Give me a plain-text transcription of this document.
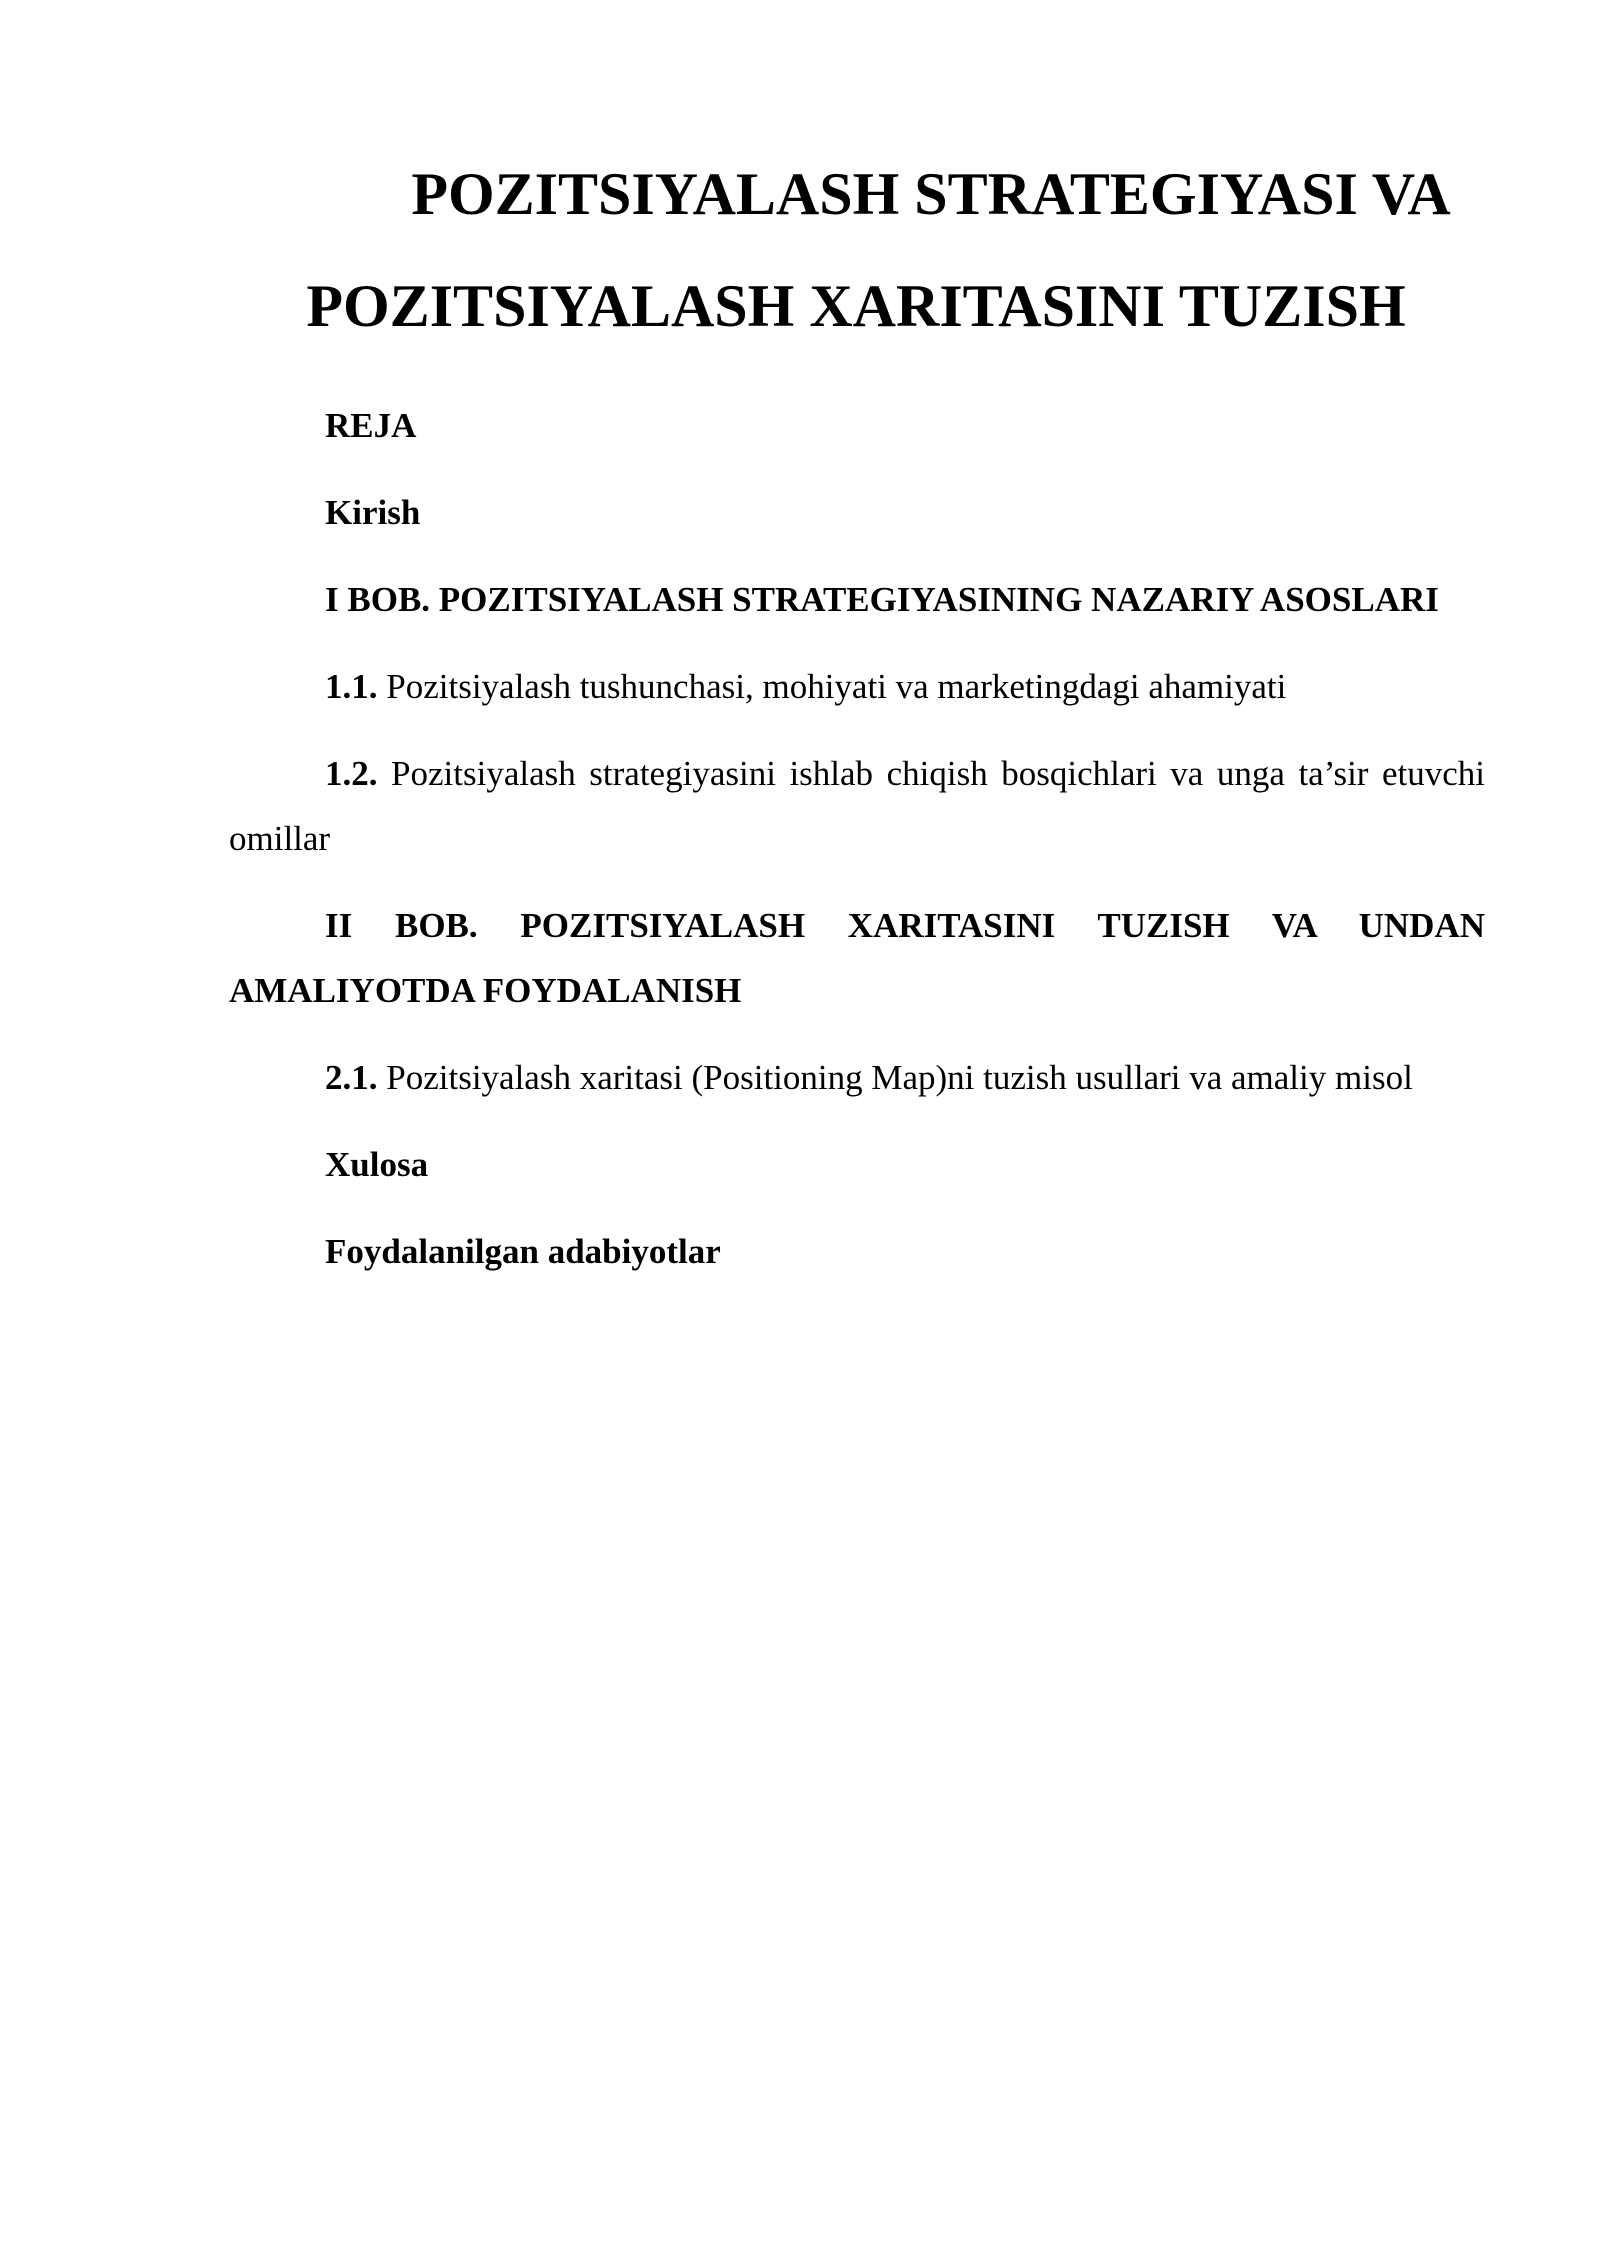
POZITSIYALASH STRATEGIYASI VA
POZITSIYALASH XARITASINI TUZISH

REJA

Kirish

I BOB. POZITSIYALASH STRATEGIYASINING NAZARIY ASOSLARI

1.1. Pozitsiyalash tushunchasi, mohiyati va marketingdagi ahamiyati

1.2. Pozitsiyalash strategiyasini ishlab chiqish bosqichlari va unga ta’sir etuvchi omillar

II BOB. POZITSIYALASH XARITASINI TUZISH VA UNDAN AMALIYOTDA FOYDALANISH

2.1. Pozitsiyalash xaritasi (Positioning Map)ni tuzish usullari va amaliy misol

Xulosa

Foydalanilgan adabiyotlar
